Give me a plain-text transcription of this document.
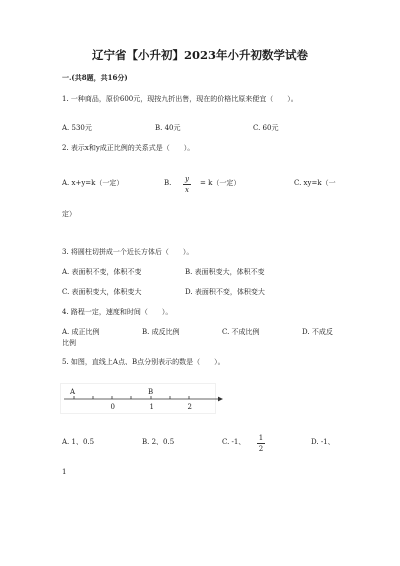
辽宁省【小升初】2023年小升初数学试卷
一.(共8题，共16分)
1. 一种商品，原价600元，现按九折出售，现在的价格比原来便宜（　　）。
A. 530元	B. 40元	C. 60元
2. 表示x和y成正比例的关系式是（　　）。
A. x+y=k（一定）	B. y
x
= k（一定）	C. xy=k（一
定）
3. 将圆柱切拼成一个近长方体后（　　）。
A. 表面积不变，体积不变	B. 表面积变大，体积不变
C. 表面积变大，体积变大	D. 表面积不变，体积变大
4. 路程一定，速度和时间（　　）。
A. 成正比例	B. 成反比例	C. 不成比例	D. 不成反
比例
5. 如图，直线上A点、B点分别表示的数是（　　）。
A	B
0	1	2
A. 1、0.5	B. 2、0.5	C. -1、 1
2
D. -1、
1
